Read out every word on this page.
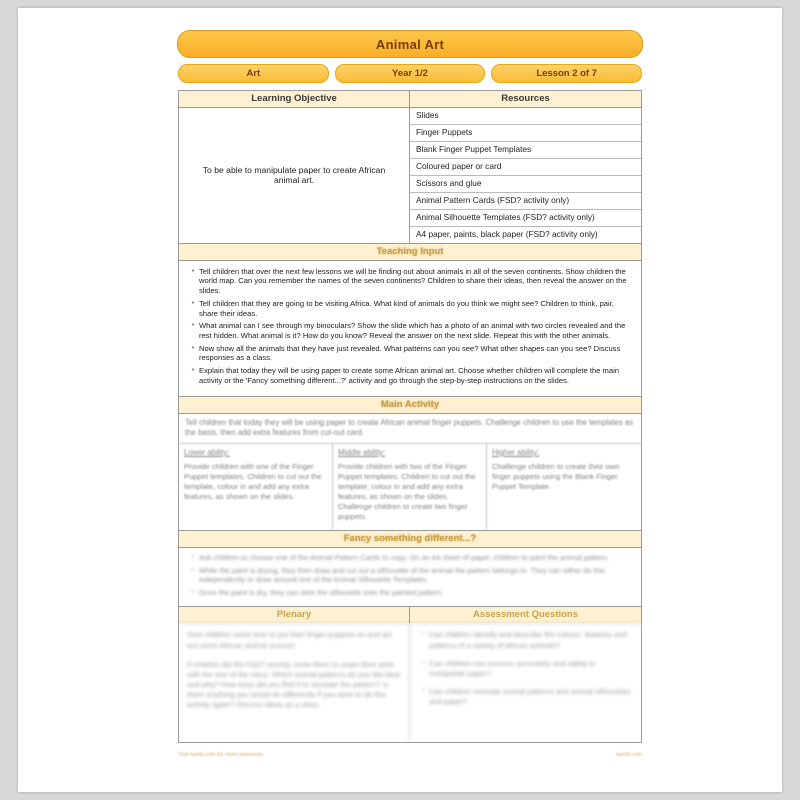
Animal Art
Art	Year 1/2	Lesson 2 of 7
Learning Objective	Resources
To be able to manipulate paper to create African animal art.
Slides
Finger Puppets
Blank Finger Puppet Templates
Coloured paper or card
Scissors and glue
Animal Pattern Cards (FSD? activity only)
Animal Silhouette Templates (FSD? activity only)
A4 paper, paints, black paper (FSD? activity only)
Teaching Input
* Tell children that over the next few lessons we will be finding out about animals in all of the seven continents. Show children the world map. Can you remember the names of the seven continents? Children to share their ideas, then reveal the answer on the slides.
* Tell children that they are going to be visiting Africa. What kind of animals do you think we might see? Children to think, pair, share their ideas.
* What animal can I see through my binoculars? Show the slide which has a photo of an animal with two circles revealed and the rest hidden. What animal is it? How do you know? Reveal the answer on the next slide. Repeat this with the other animals.
* Now show all the animals that they have just revealed. What patterns can you see? What other shapes can you see? Discuss responses as a class.
* Explain that today they will be using paper to create some African animal art. Choose whether children will complete the main activity or the 'Fancy something different...?' activity and go through the step-by-step instructions on the slides.
Main Activity
Tell children that today they will be using paper to create African animal finger puppets. Challenge children to use the templates as the basis, then add extra features from cut-out card.
Lower ability:
Provide children with one of the Finger Puppet templates. Children to cut out the template, colour in and add any extra features, as shown on the slides.
Middle ability:
Provide children with two of the Finger Puppet templates. Children to cut out the template, colour in and add any extra features, as shown on the slides. Challenge children to create two finger puppets.
Higher ability:
Challenge children to create their own finger puppets using the Blank Finger Puppet Template.
Fancy something different...?
* Ask children to choose one of the Animal Pattern Cards to copy. On an A4 sheet of paper, children to paint the animal pattern.
* While the paint is drying, they then draw and cut out a silhouette of the animal the pattern belongs to. They can either do this independently or draw around one of the Animal Silhouette Templates.
* Once the paint is dry, they can stick the silhouette onto the painted pattern.
Plenary	Assessment Questions

Give children some time to put their finger puppets on and act out some African animal scenes!

If children did the FSD? activity, invite them to share their work with the rest of the class. Which animal patterns do you like best and why? How easy did you find it to recreate the pattern? Is there anything you would do differently if you were to do this activity again? Discuss ideas as a class.

* Can children identify and describe the colours, features and patterns of a variety of African animals?
* Can children use scissors accurately and safely to manipulate paper?
* Can children recreate animal patterns and animal silhouettes and paper?
Visit twinkl.com for more resources	twinkl.com
